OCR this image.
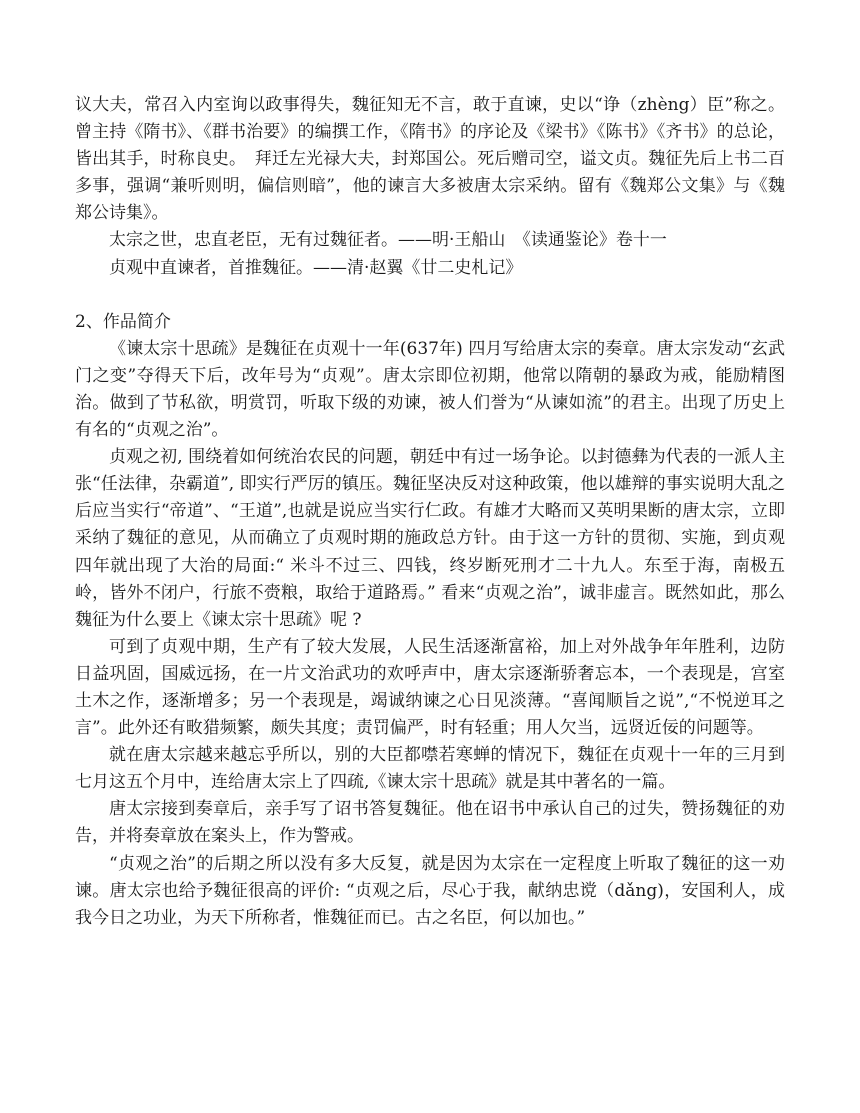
议大夫，常召入内室询以政事得失，魏征知无不言，敢于直谏，史以“诤（zhèng）臣”称之。曾主持《隋书》、《群书治要》的编撰工作，《隋书》的序论及《梁书》《陈书》《齐书》的总论，皆出其手，时称良史。　拜迁左光禄大夫，封郑国公。死后赠司空，谥文贞。魏征先后上书二百多事，强调“兼听则明，偏信则暗”，他的谏言大多被唐太宗采纳。留有《魏郑公文集》与《魏郑公诗集》。

太宗之世，忠直老臣，无有过魏征者。——明·王船山　《读通鉴论》卷十一

贞观中直谏者，首推魏征。——清·赵翼《廿二史札记》

2、作品简介

《谏太宗十思疏》是魏征在贞观十一年(637年) 四月写给唐太宗的奏章。唐太宗发动“玄武门之变”夺得天下后，改年号为“贞观”。唐太宗即位初期，他常以隋朝的暴政为戒，能励精图治。做到了节私欲，明赏罚，听取下级的劝谏，被人们誉为“从谏如流”的君主。出现了历史上有名的“贞观之治”。

贞观之初, 围绕着如何统治农民的问题，朝廷中有过一场争论。以封德彝为代表的一派人主张“任法律，杂霸道”, 即实行严厉的镇压。魏征坚决反对这种政策，他以雄辩的事实说明大乱之后应当实行“帝道”、“王道”,也就是说应当实行仁政。有雄才大略而又英明果断的唐太宗，立即采纳了魏征的意见，从而确立了贞观时期的施政总方针。由于这一方针的贯彻、实施，到贞观四年就出现了大治的局面:“ 米斗不过三、四钱，终岁断死刑才二十九人。东至于海，南极五岭，皆外不闭户，行旅不赍粮，取给于道路焉。” 看来“贞观之治”，诚非虚言。既然如此，那么魏征为什么要上《谏太宗十思疏》呢 ?

可到了贞观中期，生产有了较大发展，人民生活逐渐富裕，加上对外战争年年胜利，边防日益巩固，国威远扬，在一片文治武功的欢呼声中，唐太宗逐渐骄奢忘本，一个表现是，宫室土木之作，逐渐增多；另一个表现是，竭诚纳谏之心日见淡薄。“喜闻顺旨之说”,“不悦逆耳之言”。此外还有畋猎频繁，颇失其度；责罚偏严，时有轻重；用人欠当，远贤近佞的问题等。

就在唐太宗越来越忘乎所以，别的大臣都噤若寒蝉的情况下，魏征在贞观十一年的三月到七月这五个月中，连给唐太宗上了四疏,《谏太宗十思疏》就是其中著名的一篇。

唐太宗接到奏章后，亲手写了诏书答复魏征。他在诏书中承认自己的过失，赞扬魏征的劝告，并将奏章放在案头上，作为警戒。

“贞观之治”的后期之所以没有多大反复，就是因为太宗在一定程度上听取了魏征的这一劝谏。唐太宗也给予魏征很高的评价: “贞观之后，尽心于我，献纳忠谠（dǎng)，安国利人，成我今日之功业，为天下所称者，惟魏征而已。古之名臣，何以加也。”
